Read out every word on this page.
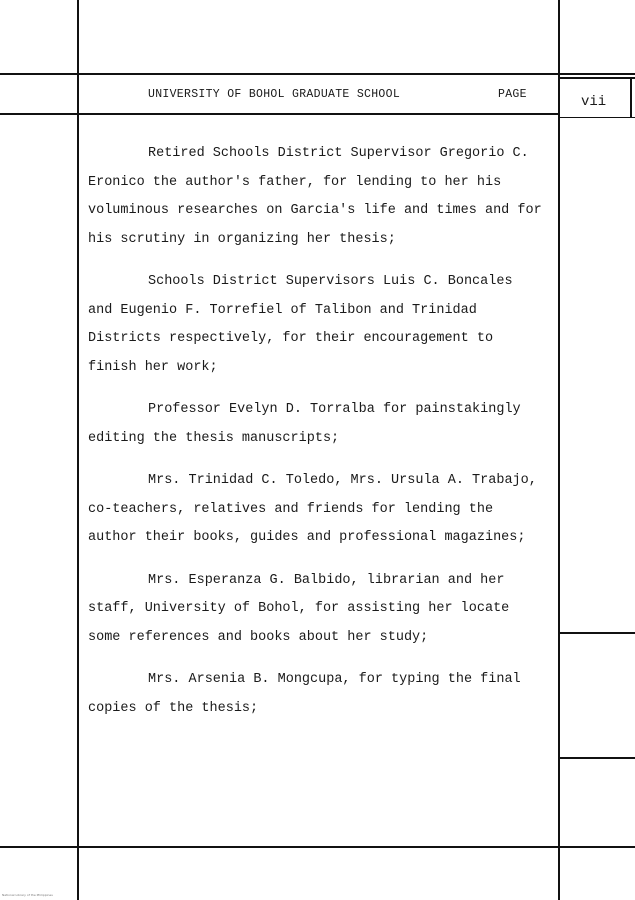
UNIVERSITY OF BOHOL GRADUATE SCHOOL	PAGE	vii
Retired Schools District Supervisor Gregorio C.
Eronico the author's father, for lending to her his
voluminous researches on Garcia's life and times and for
his scrutiny in organizing her thesis;
Schools District Supervisors Luis C. Boncales
and Eugenio F. Torrefiel of Talibon and Trinidad
Districts respectively, for their encouragement to
finish her work;
Professor Evelyn D. Torralba for painstakingly
editing the thesis manuscripts;
Mrs. Trinidad C. Toledo, Mrs. Ursula A. Trabajo,
co-teachers, relatives and friends for lending the
author their books, guides and professional magazines;
Mrs. Esperanza G. Balbido, librarian and her
staff, University of Bohol, for assisting her locate
some references and books about her study;
Mrs. Arsenia B. Mongcupa, for typing the final
copies of the thesis;
National Library of the Philippines
